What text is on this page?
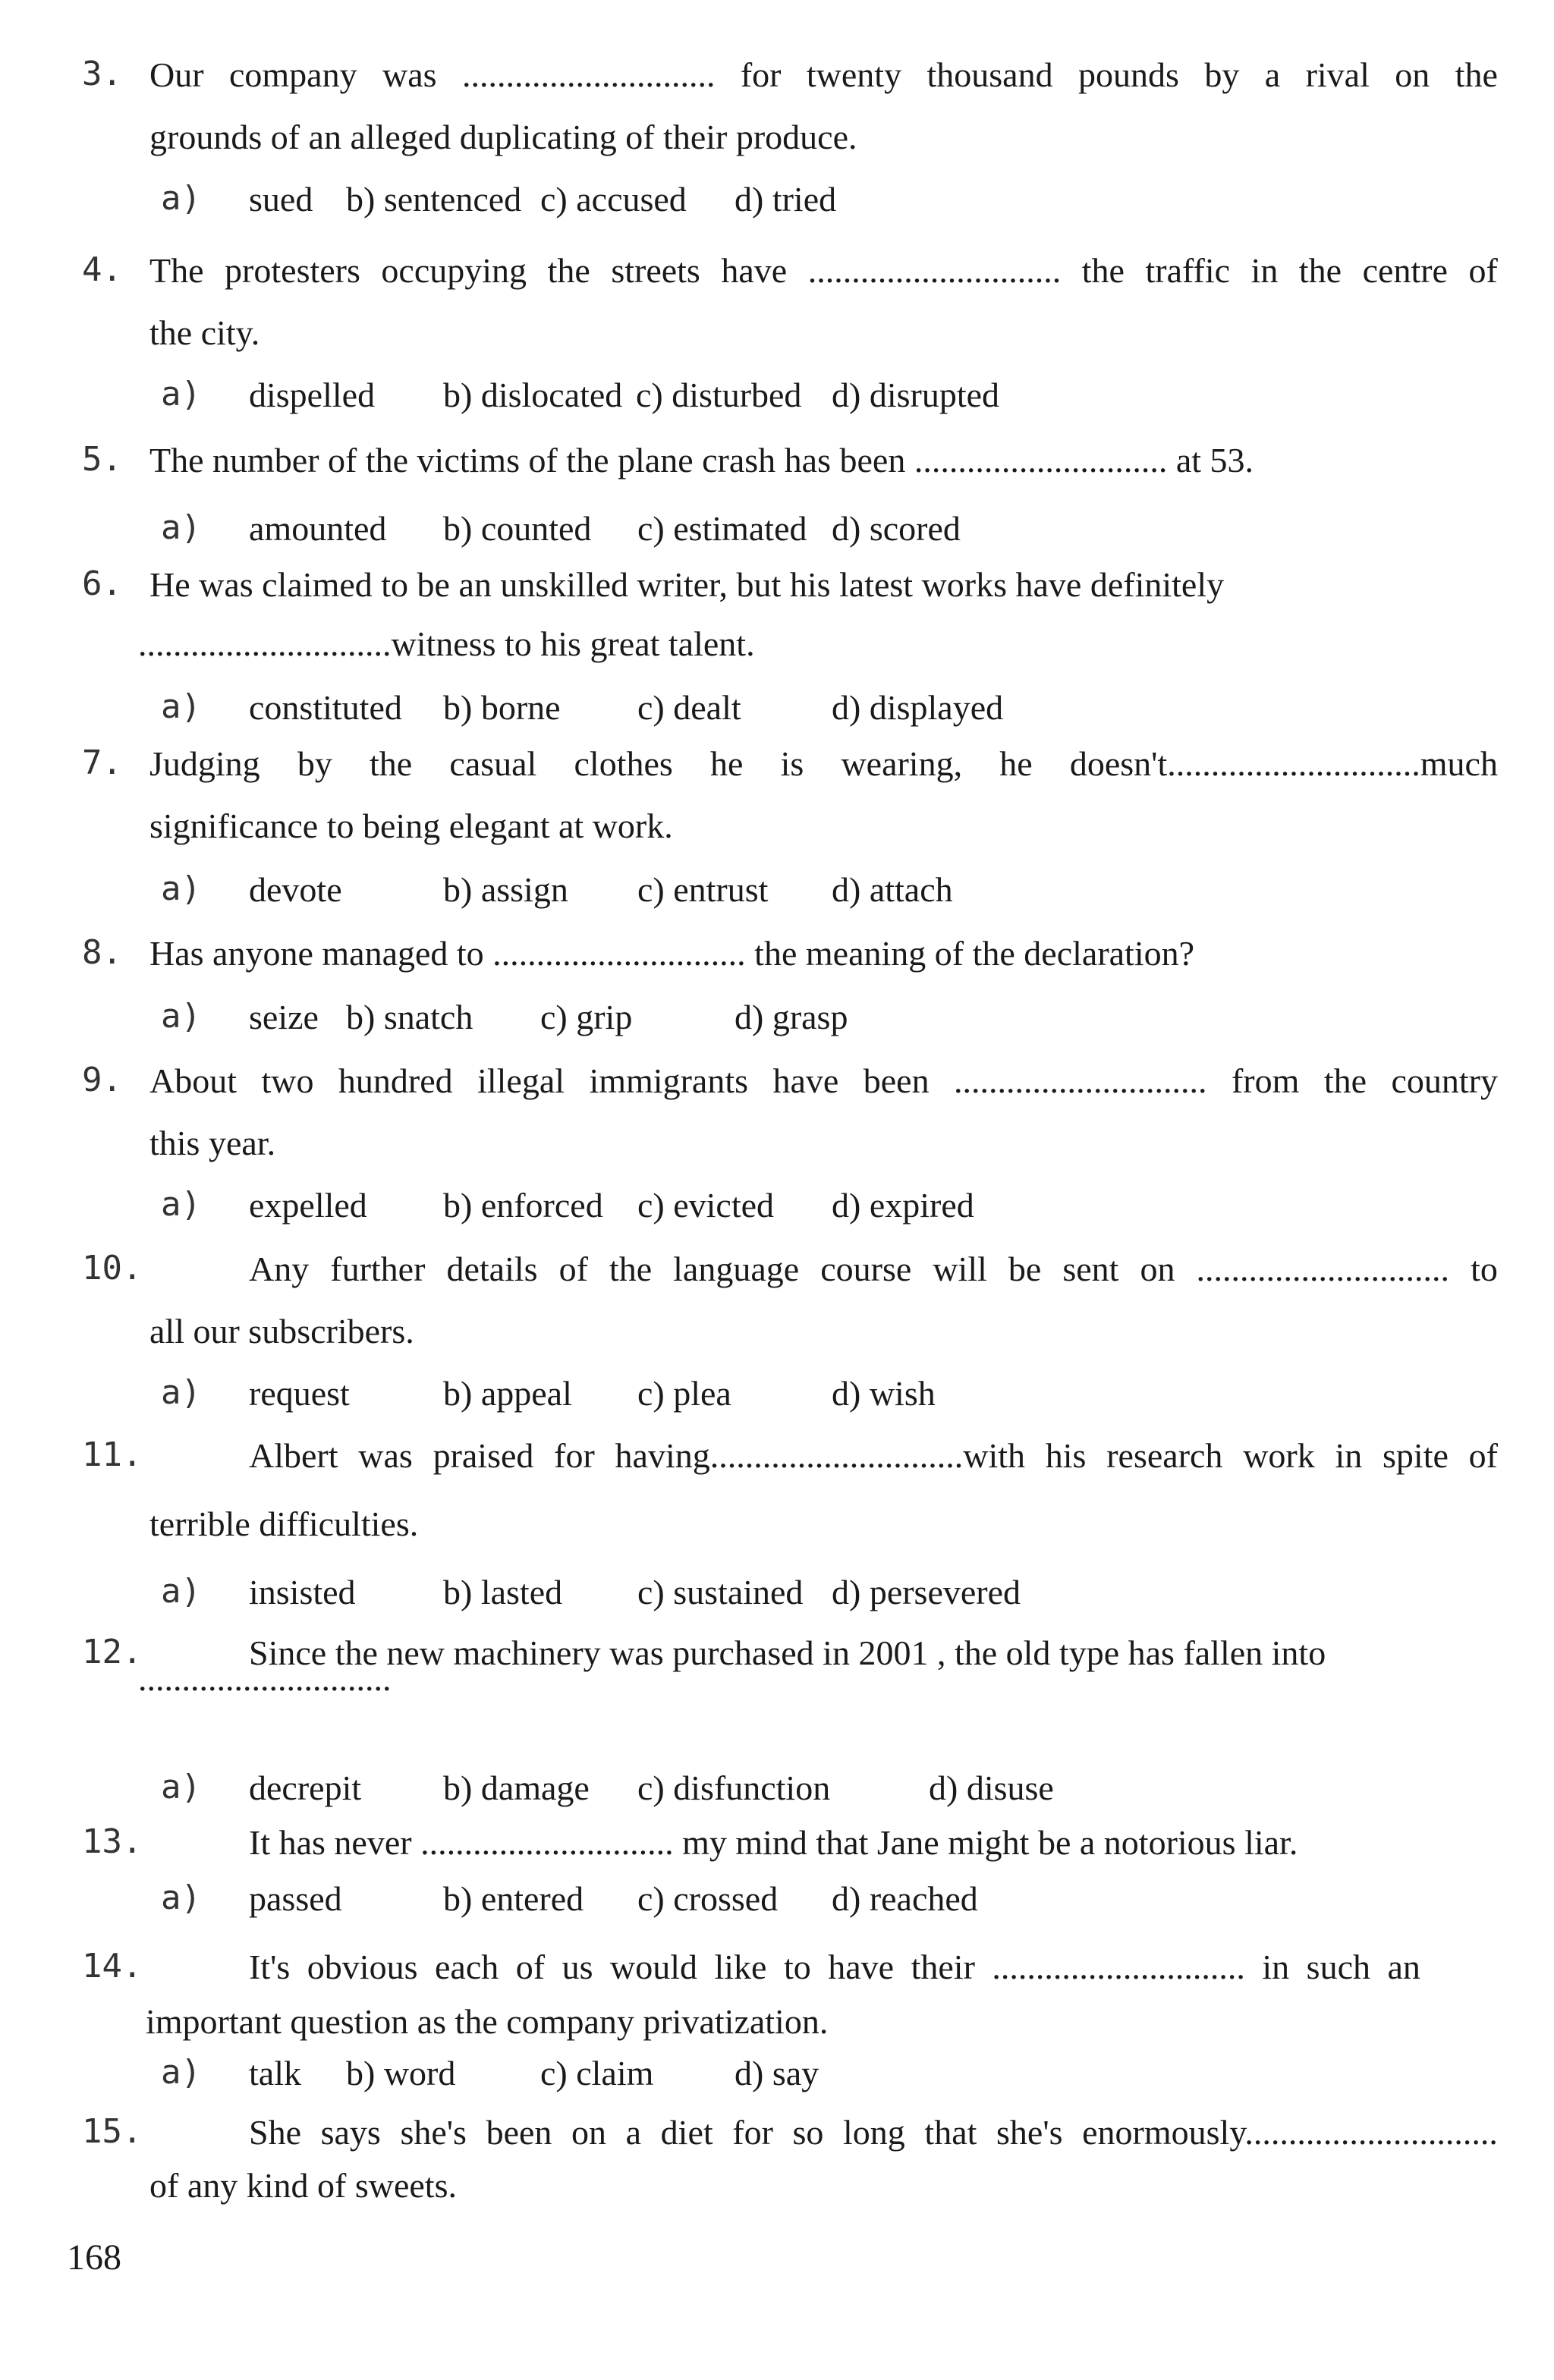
3. Our company was ............................. for twenty thousand pounds by a rival on the
grounds of an alleged duplicating of their produce.
a) sued b) sentenced c) accused d) tried
4. The protesters occupying the streets have ............................. the traffic in the centre of
the city.
a) dispelled b) dislocated c) disturbed d) disrupted
5. The number of the victims of the plane crash has been ............................. at 53.
a) amounted b) counted c) estimated d) scored
6. He was claimed to be an unskilled writer, but his latest works have definitely
.............................witness to his great talent.
a) constituted b) borne c) dealt	d) displayed
7. Judging by the casual clothes he is wearing, he doesn't.............................much
significance to being elegant at work.
a) devote	b) assign c) entrust d) attach
8. Has anyone managed to ............................. the meaning of the declaration?
a) seize b) snatch c) grip	d) grasp
9. About two hundred illegal immigrants have been ............................. from the country
this year.
a) expelled b) enforced c) evicted d) expired
10.	Any further details of the language course will be sent on ............................. to
all our subscribers.
a) request	b) appeal c) plea	d) wish
11.	Albert was praised for having.............................with his research work in spite of
terrible difficulties.
a) insisted	b) lasted c) sustained d) persevered
12.	Since the new machinery was purchased in 2001 , the old type has fallen into
.............................
a) decrepit b) damage c) disfunction	d) disuse
13.	It has never ............................. my mind that Jane might be a notorious liar.
a) passed	b) entered c) crossed d) reached
14.	It's obvious each of us would like to have their ............................. in such an
important question as the company privatization.
a) talk b) word c) claim d) say
15.	She says she's been on a diet for so long that she's enormously.............................
of any kind of sweets.
168
